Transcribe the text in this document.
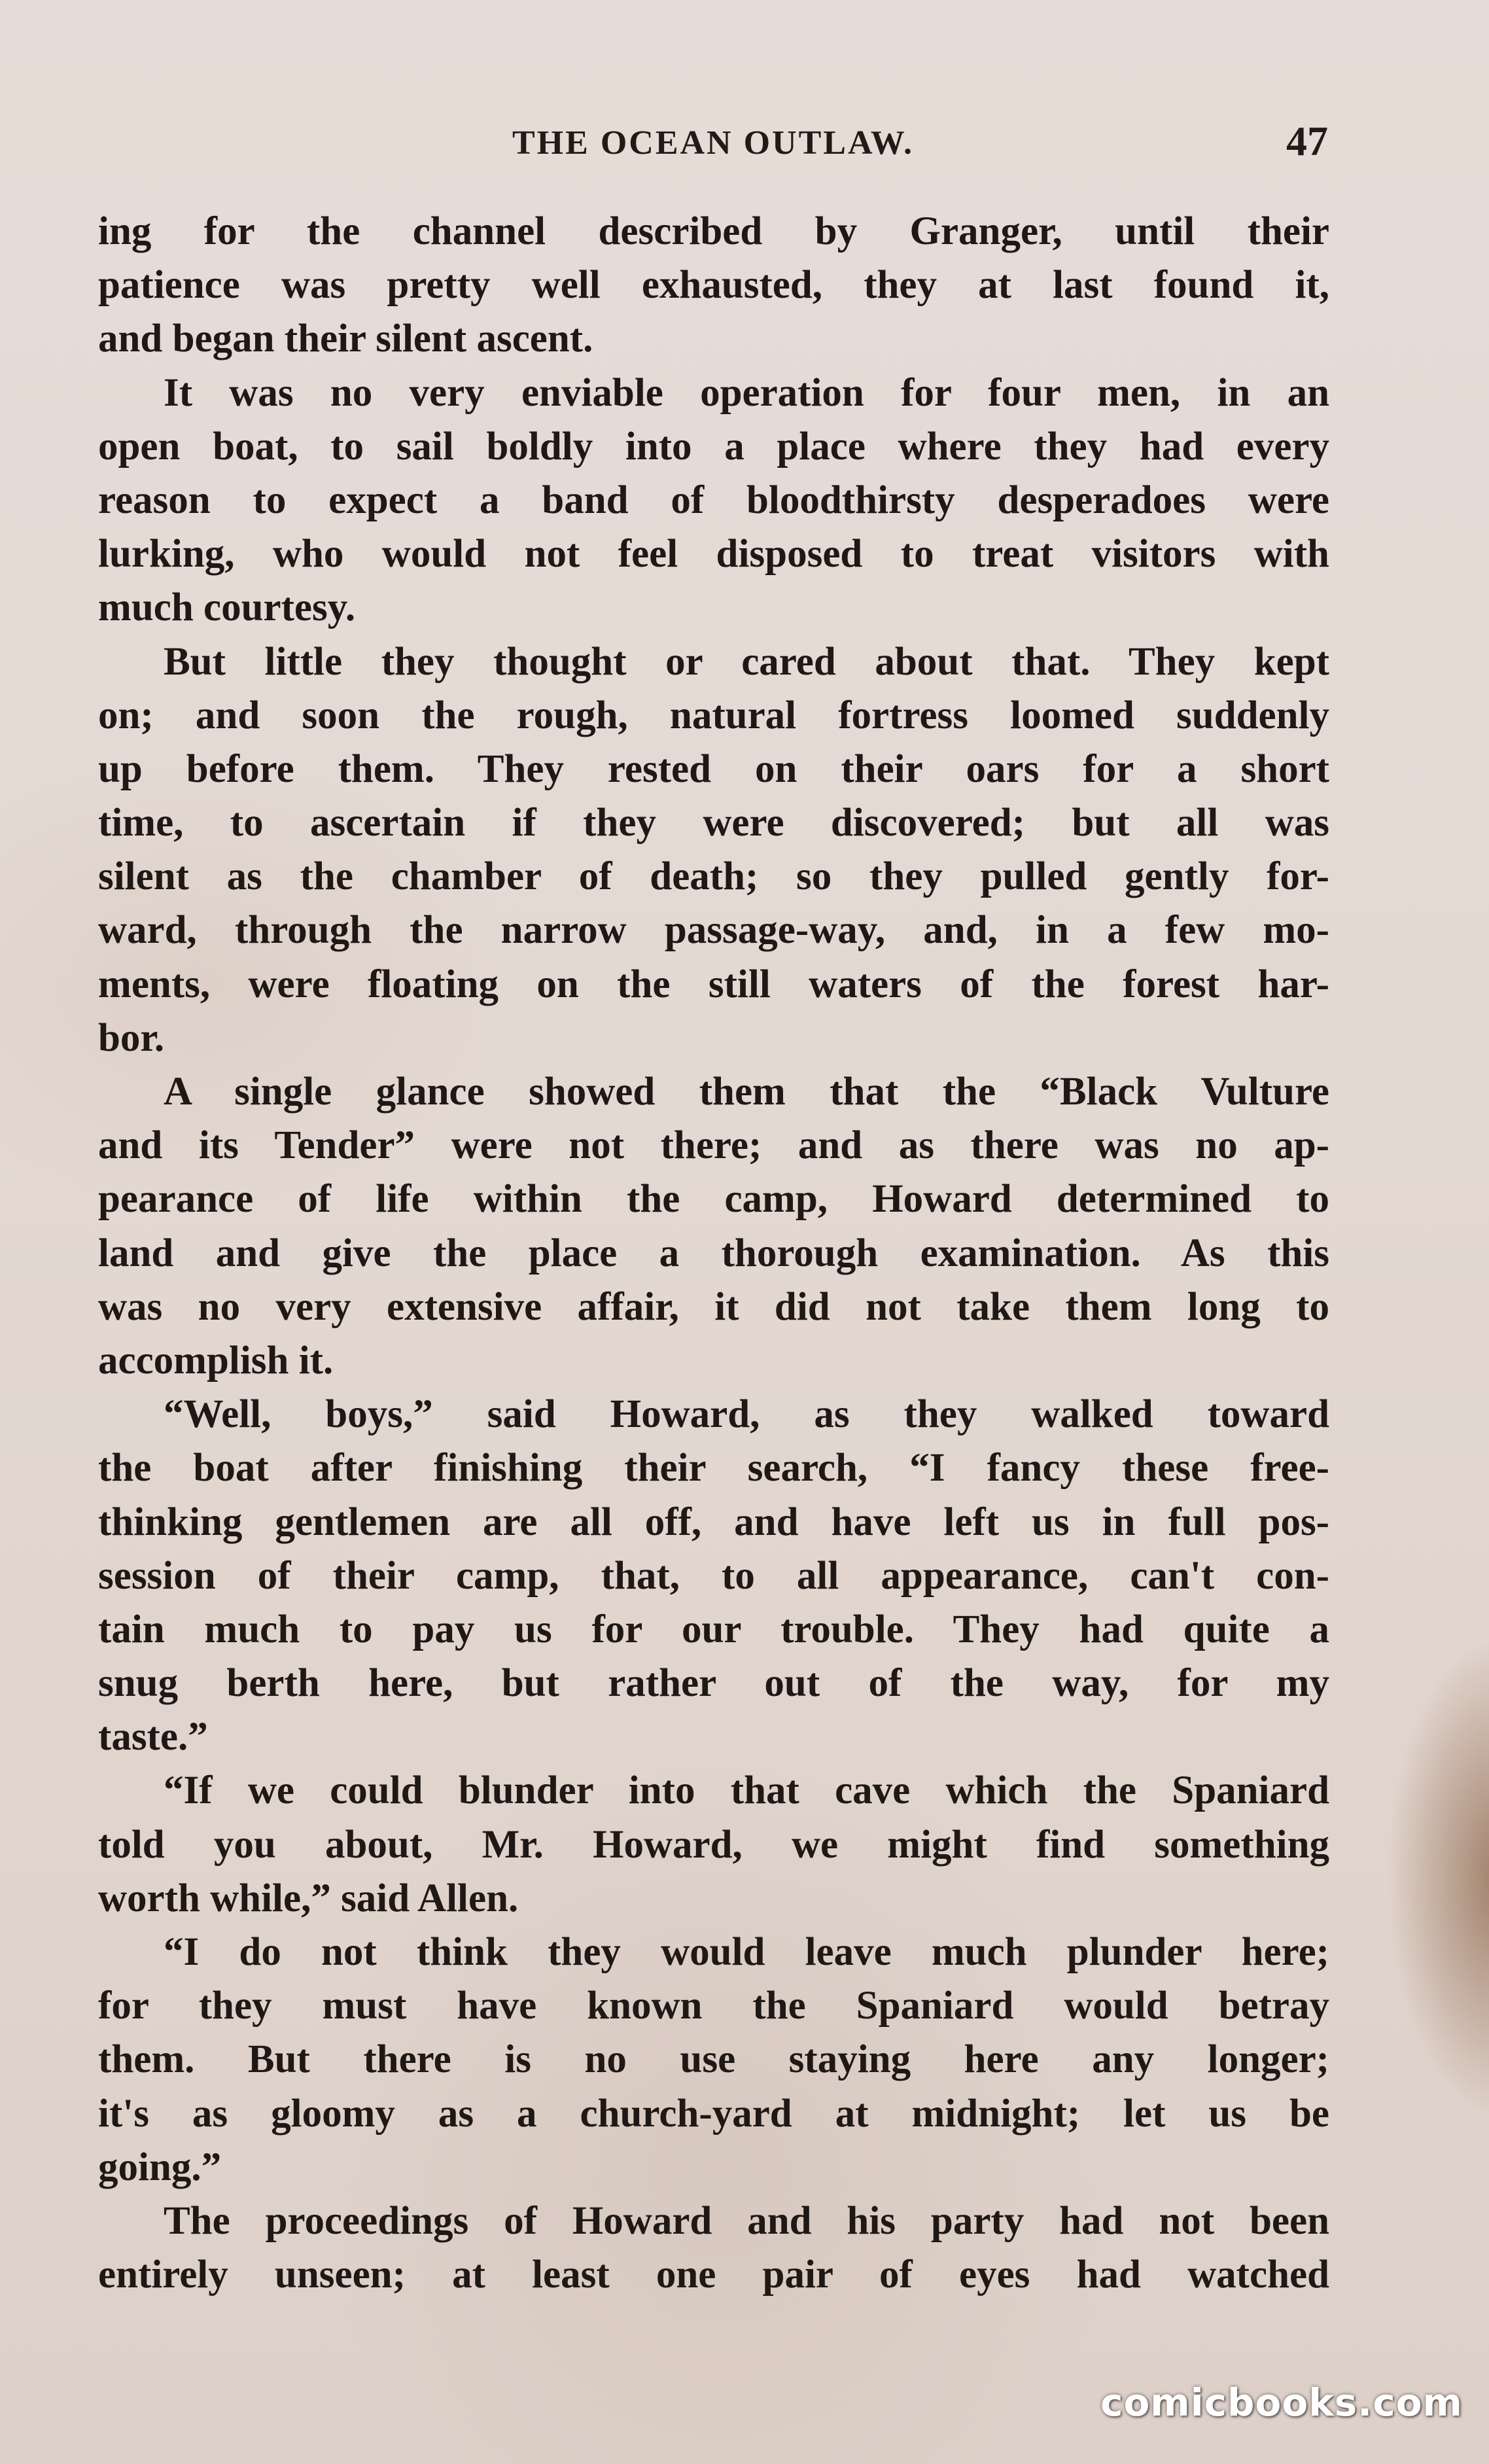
THE OCEAN OUTLAW.	47
ing for the channel described by Granger, until their
patience was pretty well exhausted, they at last found it,
and began their silent ascent.
It was no very enviable operation for four men, in an
open boat, to sail boldly into a place where they had every
reason to expect a band of bloodthirsty desperadoes were
lurking, who would not feel disposed to treat visitors with
much courtesy.
But little they thought or cared about that. They kept
on; and soon the rough, natural fortress loomed suddenly
up before them. They rested on their oars for a short
time, to ascertain if they were discovered; but all was
silent as the chamber of death; so they pulled gently for-
ward, through the narrow passage-way, and, in a few mo-
ments, were floating on the still waters of the forest har-
bor.
A single glance showed them that the “Black Vulture
and its Tender” were not there; and as there was no ap-
pearance of life within the camp, Howard determined to
land and give the place a thorough examination. As this
was no very extensive affair, it did not take them long to
accomplish it.
“Well, boys,” said Howard, as they walked toward
the boat after finishing their search, “I fancy these free-
thinking gentlemen are all off, and have left us in full pos-
session of their camp, that, to all appearance, can't con-
tain much to pay us for our trouble. They had quite a
snug berth here, but rather out of the way, for my
taste.”
“If we could blunder into that cave which the Spaniard
told you about, Mr. Howard, we might find something
worth while,” said Allen.
“I do not think they would leave much plunder here;
for they must have known the Spaniard would betray
them. But there is no use staying here any longer;
it's as gloomy as a church-yard at midnight; let us be
going.”
The proceedings of Howard and his party had not been
entirely unseen; at least one pair of eyes had watched
comicbooks.com
